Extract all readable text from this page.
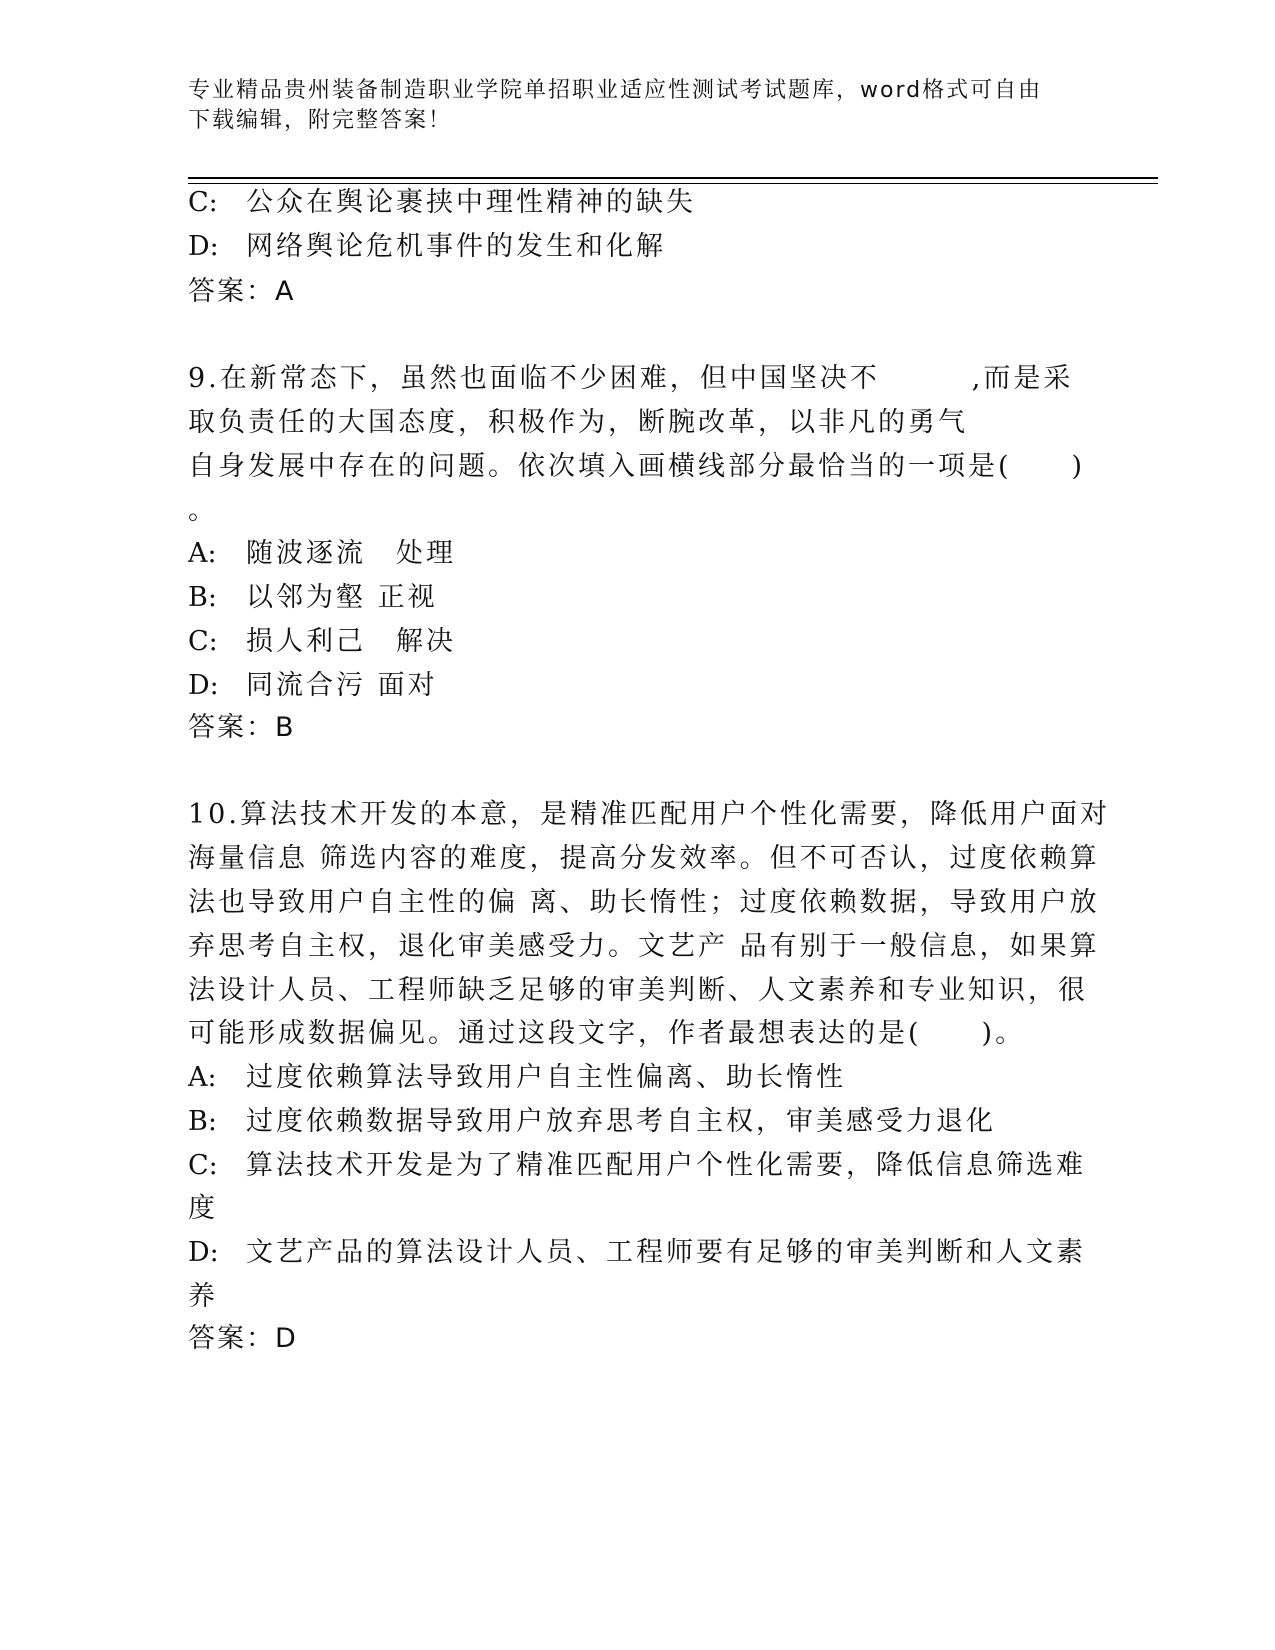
专业精品贵州装备制造职业学院单招职业适应性测试考试题库，word格式可自由
下载编辑，附完整答案！
C: 公众在舆论裹挟中理性精神的缺失
D: 网络舆论危机事件的发生和化解
答案：A
9.在新常态下，虽然也面临不少困难，但中国坚决不	,而是采
取负责任的大国态度，积极作为，断腕改革，以非凡的勇气
自身发展中存在的问题。依次填入画横线部分最恰当的一项是(　　)
。
A: 随波逐流　处理
B: 以邻为壑 正视
C: 损人利己　解决
D: 同流合污 面对
答案：B
10.算法技术开发的本意，是精准匹配用户个性化需要，降低用户面对
海量信息 筛选内容的难度，提高分发效率。但不可否认，过度依赖算
法也导致用户自主性的偏 离、助长惰性；过度依赖数据，导致用户放
弃思考自主权，退化审美感受力。文艺产 品有别于一般信息，如果算
法设计人员、工程师缺乏足够的审美判断、人文素养和专业知识，很
可能形成数据偏见。通过这段文字，作者最想表达的是(　　)。
A: 过度依赖算法导致用户自主性偏离、助长惰性
B: 过度依赖数据导致用户放弃思考自主权，审美感受力退化
C: 算法技术开发是为了精准匹配用户个性化需要，降低信息筛选难
度
D: 文艺产品的算法设计人员、工程师要有足够的审美判断和人文素
养
答案：D
